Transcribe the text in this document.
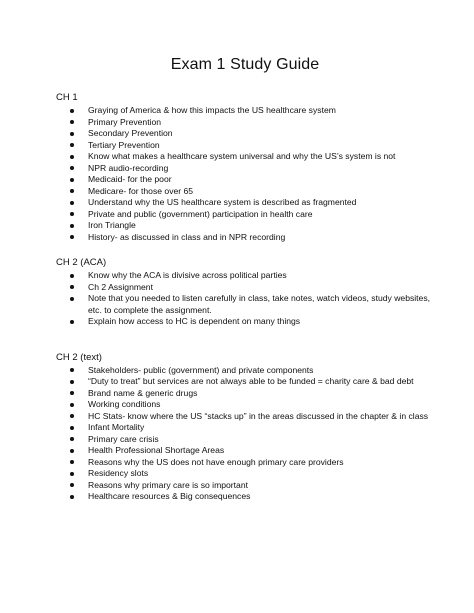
Exam 1 Study Guide
CH 1
Graying of America & how this impacts the US healthcare system
Primary Prevention
Secondary Prevention
Tertiary Prevention
Know what makes a healthcare system universal and why the US’s system is not
NPR audio-recording
Medicaid- for the poor
Medicare- for those over 65
Understand why the US healthcare system is described as fragmented
Private and public (government) participation in health care
Iron Triangle
History- as discussed in class and in NPR recording
CH 2 (ACA)
Know why the ACA is divisive across political parties
Ch 2 Assignment
Note that you needed to listen carefully in class, take notes, watch videos, study websites, etc. to complete the assignment.
Explain how access to HC is dependent on many things
CH 2 (text)
Stakeholders- public (government) and private components
“Duty to treat” but services are not always able to be funded = charity care & bad debt
Brand name & generic drugs
Working conditions
HC Stats- know where the US “stacks up” in the areas discussed in the chapter & in class
Infant Mortality
Primary care crisis
Health Professional Shortage Areas
Reasons why the US does not have enough primary care providers
Residency slots
Reasons why primary care is so important
Healthcare resources & Big consequences
